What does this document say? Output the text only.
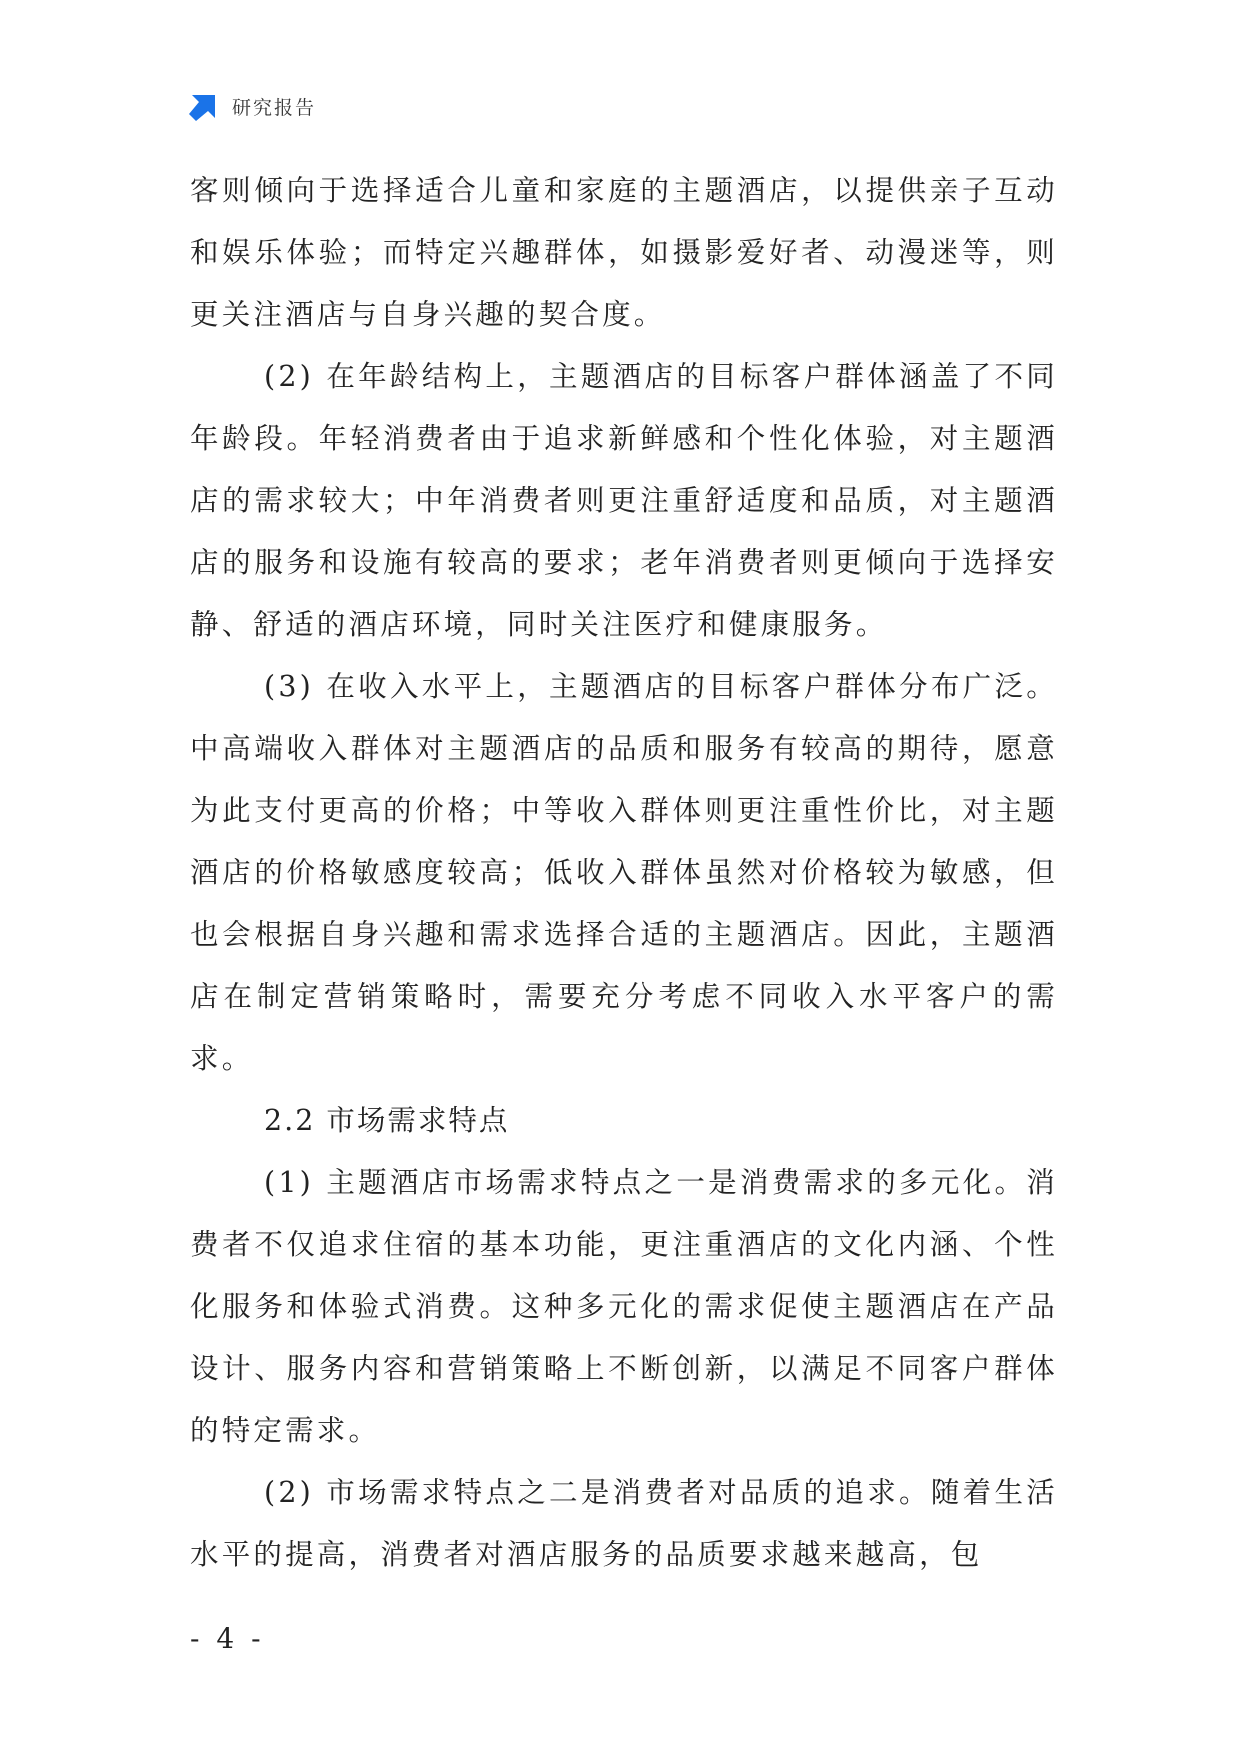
研究报告

客则倾向于选择适合儿童和家庭的主题酒店，以提供亲子互动和娱乐体验；而特定兴趣群体，如摄影爱好者、动漫迷等，则更关注酒店与自身兴趣的契合度。

(2) 在年龄结构上，主题酒店的目标客户群体涵盖了不同年龄段。年轻消费者由于追求新鲜感和个性化体验，对主题酒店的需求较大；中年消费者则更注重舒适度和品质，对主题酒店的服务和设施有较高的要求；老年消费者则更倾向于选择安静、舒适的酒店环境，同时关注医疗和健康服务。

(3) 在收入水平上，主题酒店的目标客户群体分布广泛。中高端收入群体对主题酒店的品质和服务有较高的期待，愿意为此支付更高的价格；中等收入群体则更注重性价比，对主题酒店的价格敏感度较高；低收入群体虽然对价格较为敏感，但也会根据自身兴趣和需求选择合适的主题酒店。因此，主题酒店在制定营销策略时，需要充分考虑不同收入水平客户的需求。

2.2 市场需求特点

(1) 主题酒店市场需求特点之一是消费需求的多元化。消费者不仅追求住宿的基本功能，更注重酒店的文化内涵、个性化服务和体验式消费。这种多元化的需求促使主题酒店在产品设计、服务内容和营销策略上不断创新，以满足不同客户群体的特定需求。

(2) 市场需求特点之二是消费者对品质的追求。随着生活水平的提高，消费者对酒店服务的品质要求越来越高，包

- 4 -
